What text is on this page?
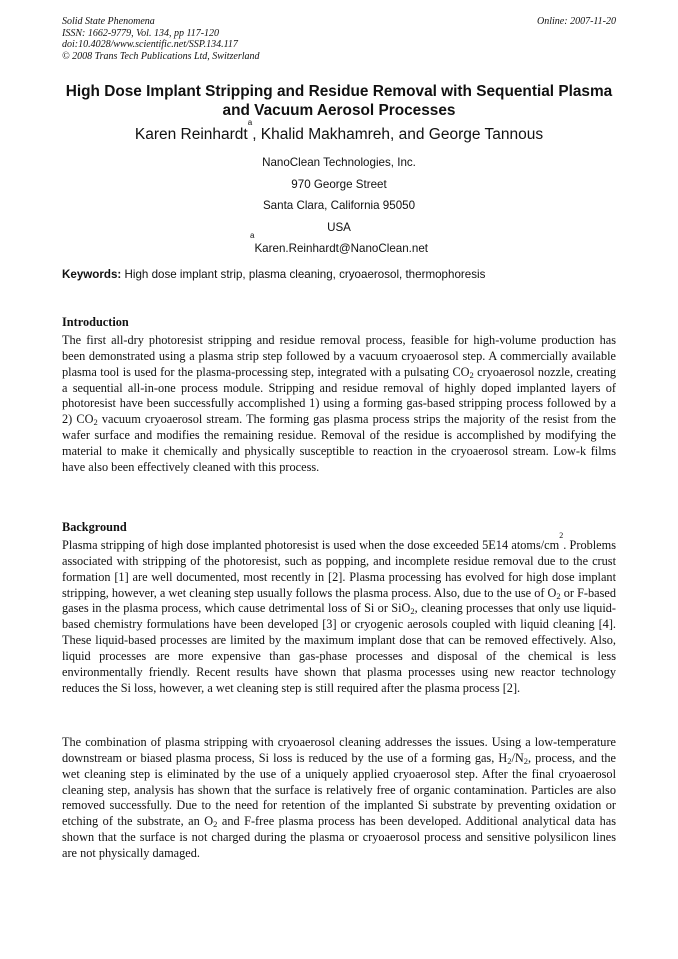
Solid State Phenomena
ISSN: 1662-9779, Vol. 134, pp 117-120
doi:10.4028/www.scientific.net/SSP.134.117
© 2008 Trans Tech Publications Ltd, Switzerland
Online: 2007-11-20
High Dose Implant Stripping and Residue Removal with Sequential Plasma and Vacuum Aerosol Processes
Karen Reinhardt$^a$, Khalid Makhamreh, and George Tannous
NanoClean Technologies, Inc.
970 George Street
Santa Clara, California 95050
USA
$^a$Karen.Reinhardt@NanoClean.net
Keywords: High dose implant strip, plasma cleaning, cryoaerosol, thermophoresis
Introduction

The first all-dry photoresist stripping and residue removal process, feasible for high-volume production has been demonstrated using a plasma strip step followed by a vacuum cryoaerosol step. A commercially available plasma tool is used for the plasma-processing step, integrated with a pulsating $CO_2$ cryoaerosol nozzle, creating a sequential all-in-one process module. Stripping and residue removal of highly doped implanted layers of photoresist have been successfully accomplished 1) using a forming gas-based stripping process followed by a 2) $CO_2$ vacuum cryoaerosol stream. The forming gas plasma process strips the majority of the resist from the wafer surface and modifies the remaining residue. Removal of the residue is accomplished by modifying the material to make it chemically and physically susceptible to reaction in the cryoaerosol stream. Low-k films have also been effectively cleaned with this process.

Background

Plasma stripping of high dose implanted photoresist is used when the dose exceeded 5E14 atoms/$cm^2$. Problems associated with stripping of the photoresist, such as popping, and incomplete residue removal due to the crust formation [1] are well documented, most recently in [2]. Plasma processing has evolved for high dose implant stripping, however, a wet cleaning step usually follows the plasma process. Also, due to the use of $O_2$ or F-based gases in the plasma process, which cause detrimental loss of Si or SiO$_2$, cleaning processes that only use liquid-based chemistry formulations have been developed [3] or cryogenic aerosols coupled with liquid cleaning [4]. These liquid-based processes are limited by the maximum implant dose that can be removed effectively. Also, liquid processes are more expensive than gas-phase processes and disposal of the chemical is less environmentally friendly. Recent results have shown that plasma processes using new reactor technology reduces the Si loss, however, a wet cleaning step is still required after the plasma process [2].

The combination of plasma stripping with cryoaerosol cleaning addresses the issues. Using a low-temperature downstream or biased plasma process, Si loss is reduced by the use of a forming gas, $H_2/N_2$, process, and the wet cleaning step is eliminated by the use of a uniquely applied cryoaerosol step. After the final cryoaerosol cleaning step, analysis has shown that the surface is relatively free of organic contamination. Particles are also removed successfully. Due to the need for retention of the implanted Si substrate by preventing oxidation or etching of the substrate, an $O_2$ and F-free plasma process has been developed. Additional analytical data has shown that the surface is not charged during the plasma or cryoaerosol process and sensitive polysilicon lines are not physically damaged.
